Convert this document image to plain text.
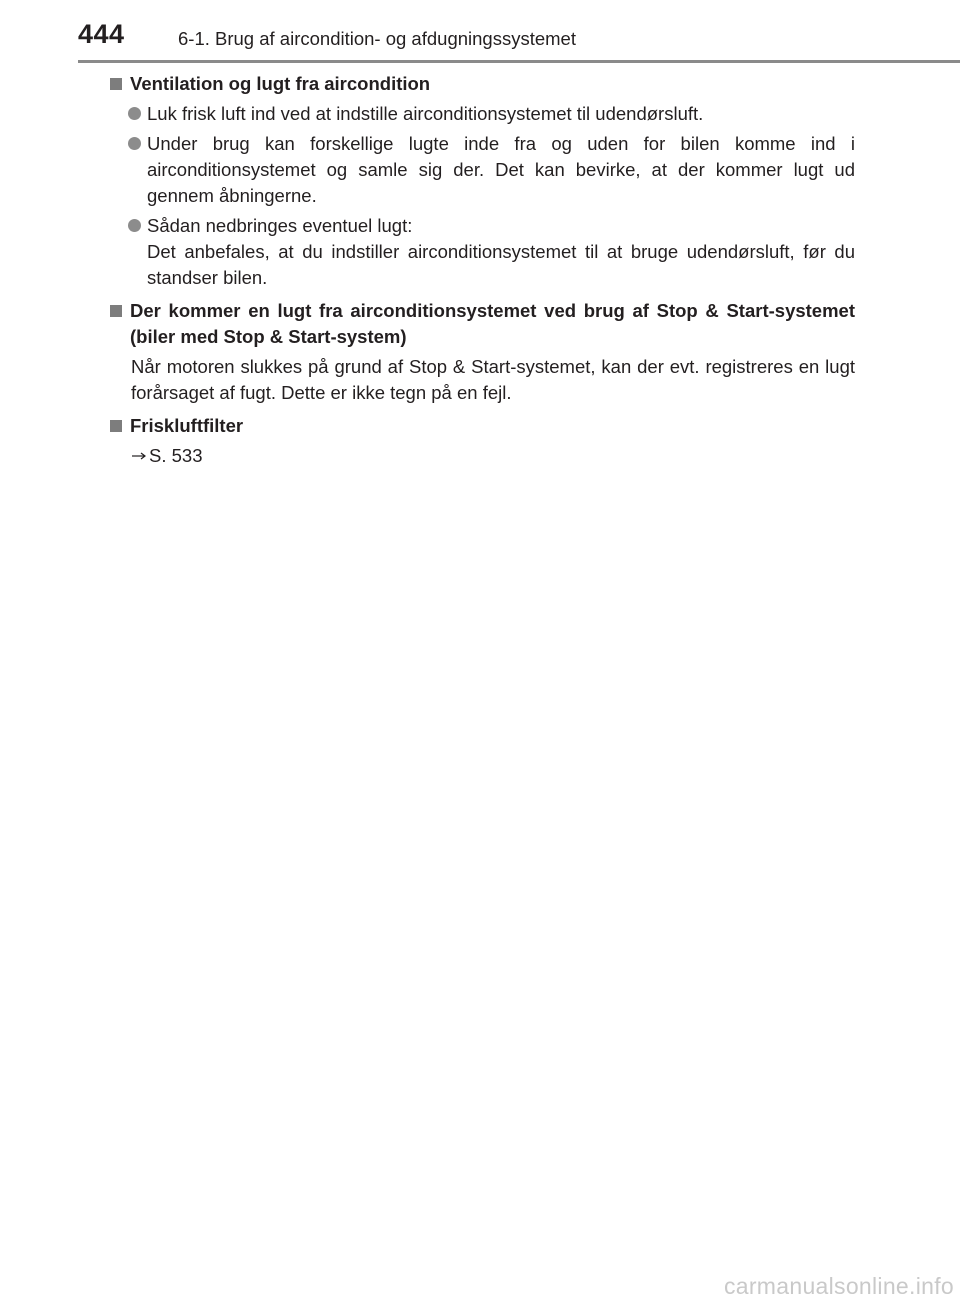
444	6-1. Brug af aircondition- og afdugningssystemet
Ventilation og lugt fra aircondition

Luk frisk luft ind ved at indstille airconditionsystemet til udendørsluft.

Under brug kan forskellige lugte inde fra og uden for bilen komme ind i airconditionsystemet og samle sig der. Det kan bevirke, at der kommer lugt ud gennem åbningerne.

Sådan nedbringes eventuel lugt:

Det anbefales, at du indstiller airconditionsystemet til at bruge udendørsluft, før du standser bilen.

Der kommer en lugt fra airconditionsystemet ved brug af Stop & Start-systemet (biler med Stop & Start-system)
Når motoren slukkes på grund af Stop & Start-systemet, kan der evt. registreres en lugt forårsaget af fugt. Dette er ikke tegn på en fejl.
Friskluftfilter
S. 533
carmanualsonline.info
